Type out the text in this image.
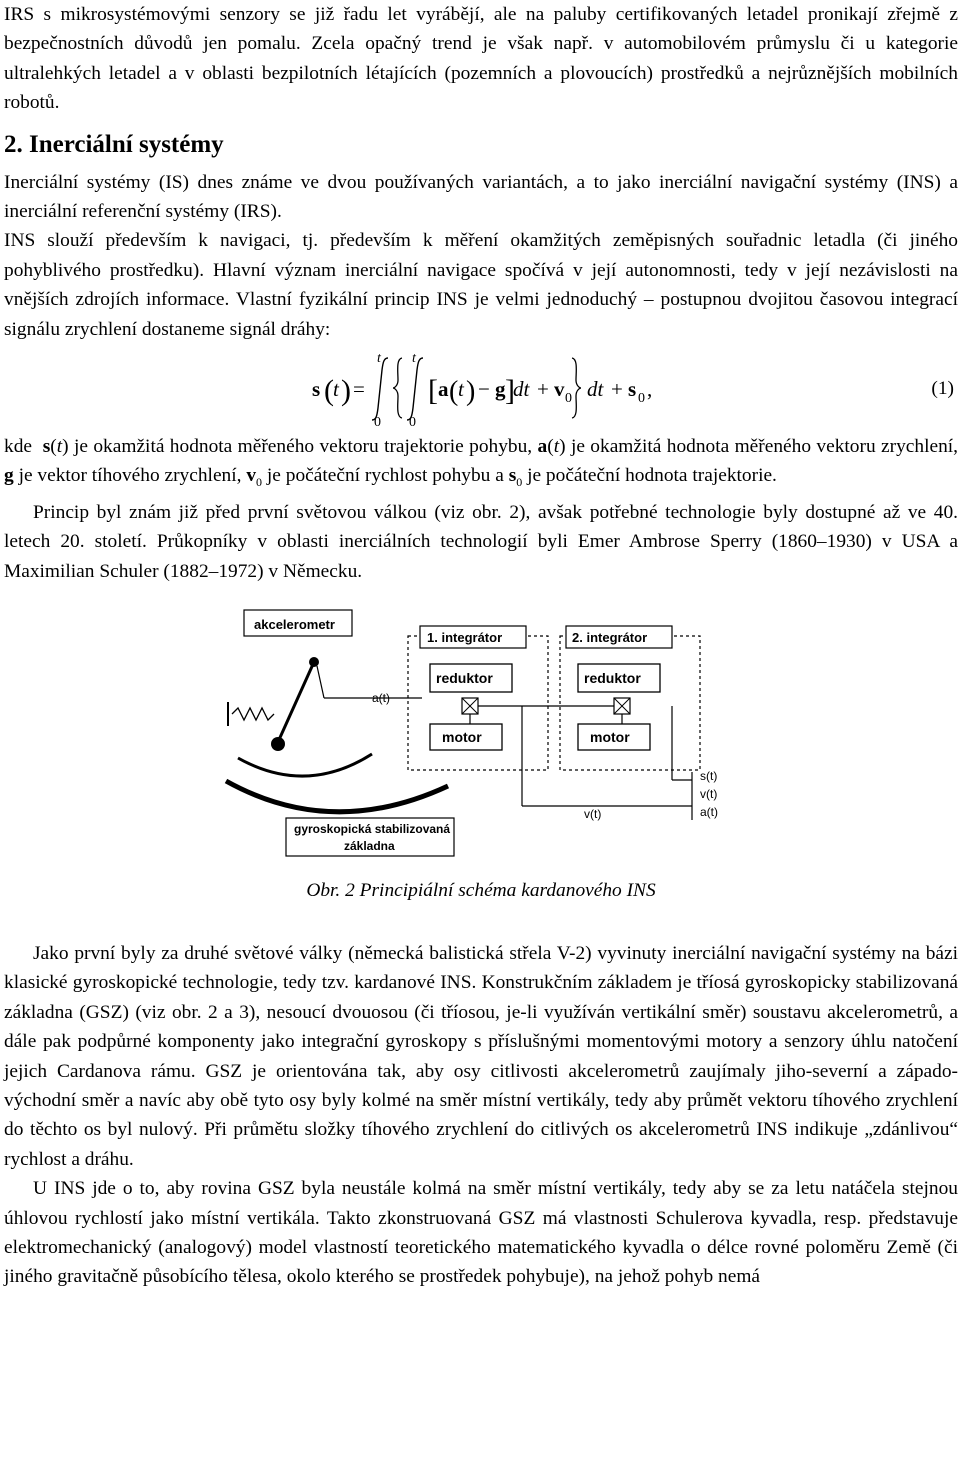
IRS s mikrosystémovými senzory se již řadu let vyrábějí, ale na paluby certifikovaných letadel pronikají zřejmě z bezpečnostních důvodů jen pomalu. Zcela opačný trend je však např. v automobilovém průmyslu či u kategorie ultralehkých letadel a v oblasti bezpilotních létajících (pozemních a plovoucích) prostředků a nejrůznějších mobilních robotů.

2. Inerciální systémy

Inerciální systémy (IS) dnes známe ve dvou používaných variantách, a to jako inerciální navigační systémy (INS) a inerciální referenční systémy (IRS).

INS slouží především k navigaci, tj. především k měření okamžitých zeměpisných souřadnic letadla (či jiného pohyblivého prostředku). Hlavní význam inerciální navigace spočívá v její autonomnosti, tedy v její nezávislosti na vnějších zdrojích informace. Vlastní fyzikální princip INS je velmi jednoduchý – postupnou dvojitou časovou integrací signálu zrychlení dostaneme signál dráhy:

s ( t ) =
t
0
t
0
[ a ( t ) − g ]
dt + v 0 dt + s 0 ,	(1)

kde s(t) je okamžitá hodnota měřeného vektoru trajektorie pohybu, a(t) je okamžitá hodnota měřeného vektoru zrychlení, g je vektor tíhového zrychlení, $v_0$ je počáteční rychlost pohybu a $s_0$ je počáteční hodnota trajektorie.

Princip byl znám již před první světovou válkou (viz obr. 2), avšak potřebné technologie byly dostupné až ve 40. letech 20. století. Průkopníky v oblasti inerciálních technologií byli Emer Ambrose Sperry (1860–1930) v USA a Maximilian Schuler (1882–1972) v Německu.

akcelerometr
gyroskopická stabilizovaná
základna
a(t)
1. integrátor
reduktor
motor
2. integrátor
reduktor
motor
v(t)
s(t)
v(t)
a(t)

Obr. 2 Principiální schéma kardanového INS

Jako první byly za druhé světové války (německá balistická střela V-2) vyvinuty inerciální navigační systémy na bázi klasické gyroskopické technologie, tedy tzv. kardanové INS. Konstrukčním základem je tříosá gyroskopicky stabilizovaná základna (GSZ) (viz obr. 2 a 3), nesoucí dvouosou (či tříosou, je-li využíván vertikální směr) soustavu akcelerometrů, a dále pak podpůrné komponenty jako integrační gyroskopy s příslušnými momentovými motory a senzory úhlu natočení jejich Cardanova rámu. GSZ je orientována tak, aby osy citlivosti akcelerometrů zaujímaly jiho-severní a západo-východní směr a navíc aby obě tyto osy byly kolmé na směr místní vertikály, tedy aby průmět vektoru tíhového zrychlení do těchto os byl nulový. Při průmětu složky tíhového zrychlení do citlivých os akcelerometrů INS indikuje „zdánlivou“ rychlost a dráhu.

U INS jde o to, aby rovina GSZ byla neustále kolmá na směr místní vertikály, tedy aby se za letu natáčela stejnou úhlovou rychlostí jako místní vertikála. Takto zkonstruovaná GSZ má vlastnosti Schulerova kyvadla, resp. představuje elektromechanický (analogový) model vlastností teoretického matematického kyvadla o délce rovné poloměru Země (či jiného gravitačně působícího tělesa, okolo kterého se prostředek pohybuje), na jehož pohyb nemá
